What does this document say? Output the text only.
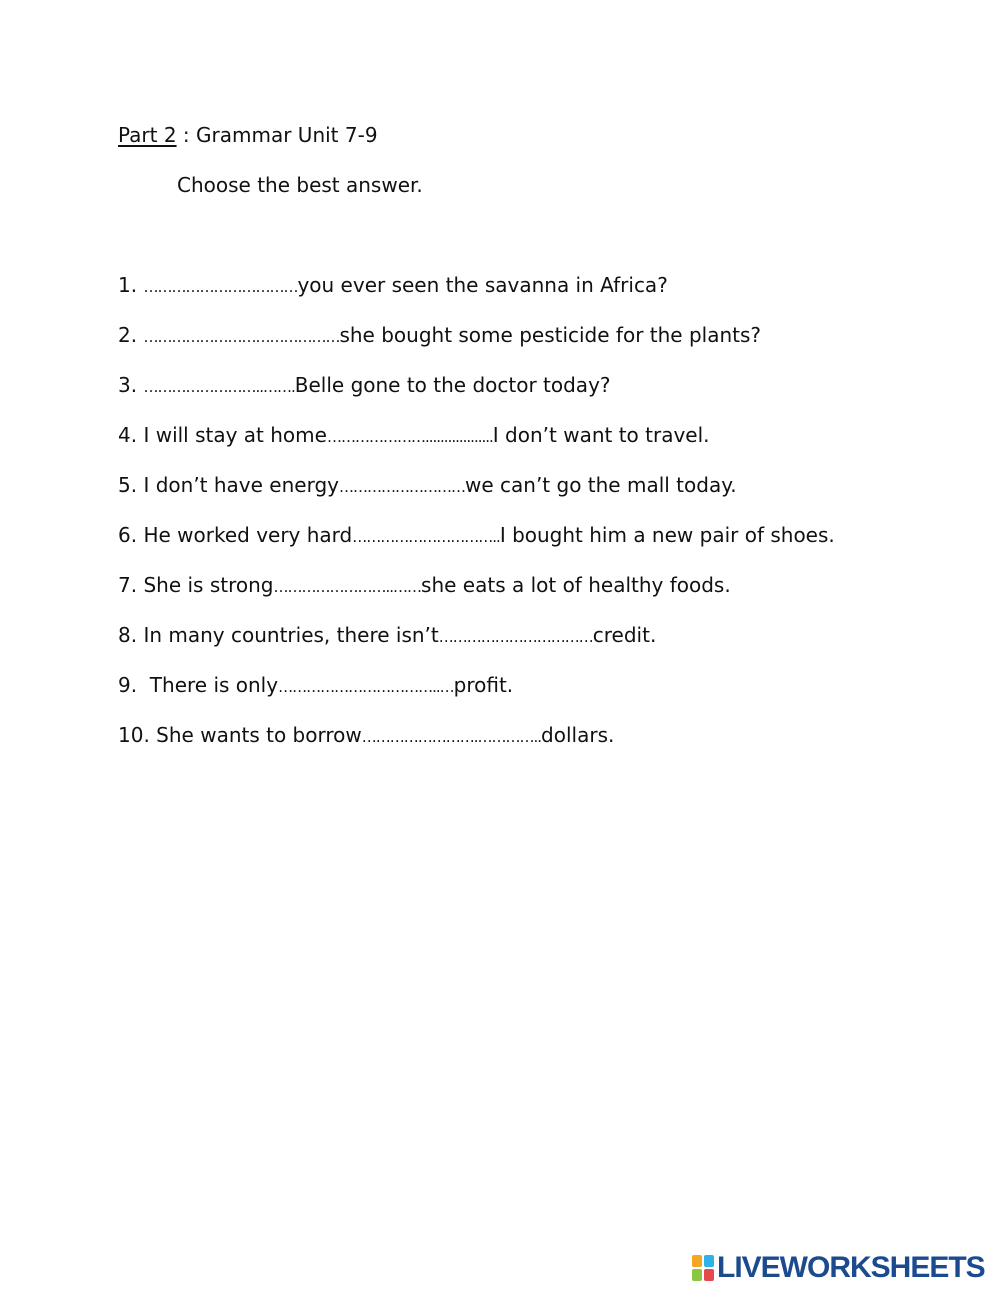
Part 2 : Grammar Unit 7-9
Choose the best answer.
1. ……………………………you ever seen the savanna in Africa?
2. ……………………………………she bought some pesticide for the plants?
3. ……………………..…….Belle gone to the doctor today?
4. I will stay at home…………………..................I don’t want to travel.
5. I don’t have energy………………………we can’t go the mall today.
6. He worked very hard…………………………..I bought him a new pair of shoes.
7. She is strong……………………..……she eats a lot of healthy foods.
8. In many countries, there isn’t……………………………credit.
9.  There is only……………………………..…profit.
10. She wants to borrow…………………….…………..dollars.
LIVEWORKSHEETS
